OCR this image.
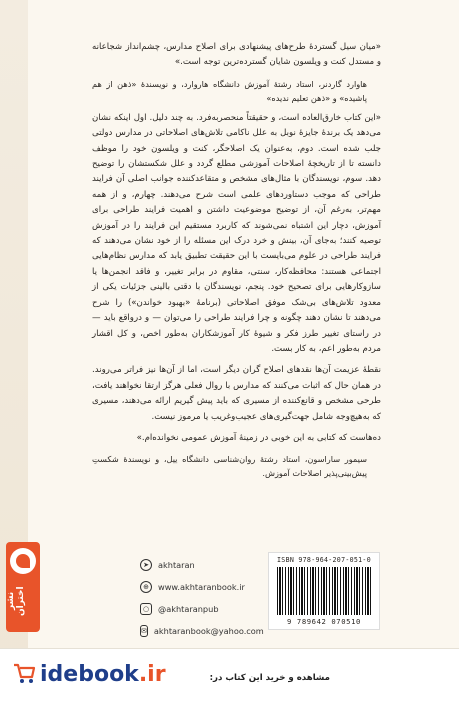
«میان سیل گستردهٔ طرح‌های پیشنهادی برای اصلاح مدارس، چشم‌انداز شجاعانه و مستدل کنت و ویلسون شایان گسترده‌ترین توجه است.»

هاوارد گاردنر، استاد رشتهٔ آموزش دانشگاه هاروارد، و نویسندهٔ «ذهن از هم پاشیده» و «ذهن تعلیم ندیده»

«این کتاب خارق‌العاده است، و حقیقتاً منحصربه‌فرد. به چند دلیل. اول اینکه نشان می‌دهد یک برندهٔ جایزهٔ نوبل به علل ناکامی تلاش‌های اصلاحاتی در مدارس دولتی جلب شده است. دوم، به‌عنوان یک اصلاحگر، کنت و ویلسون خود را موظف دانسته تا از تاریخچهٔ اصلاحات آموزشی مطلع گردد و علل شکستشان را توضیح دهد. سوم، نویسندگان با مثال‌های مشخص و متقاعدکننده جوانب اصلی آن فرایند طراحی که موجب دستاوردهای علمی است شرح می‌دهند. چهارم، و از همه مهم‌تر، به‌رغم آن، از توضیح موضوعیت داشتن و اهمیت فرایند طراحی برای آموزش، دچار این اشتباه نمی‌شوند که کاربرد مستقیم این فرایند را در آموزش توصیه کنند؛ به‌جای آن، بینش و خرد درک این مسئله را از خود نشان می‌دهند که فرایند طراحی در علوم می‌بایست با این حقیقت تطبیق یابد که مدارس نظام‌هایی اجتماعی هستند: محافظه‌کار، سنتی، مقاوم در برابر تغییر، و فاقد انجمن‌ها یا سازوکارهایی برای تصحیح خود. پنجم، نویسندگان با دقتی بالینی جزئیات یکی از معدود تلاش‌های بی‌شک موفق اصلاحاتی (برنامهٔ «بهبود خواندن») را شرح می‌دهند تا نشان دهند چگونه و چرا فرایند طراحی را می‌توان — و درواقع باید — در راستای تغییر طرز فکر و شیوهٔ کار آموزشکاران به‌طور اخص، و کل اقشار مردم به‌طور اعم، به کار بست.

نقطهٔ عزیمت آن‌ها نقدهای اصلاح گران دیگر است، اما از آن‌ها نیز فراتر می‌روند. در همان حال که اثبات می‌کنند که مدارس با روال فعلی هرگز ارتقا نخواهند یافت، طرحی مشخص و قانع‌کننده از مسیری که باید پیش گیریم ارائه می‌دهند، مسیری که به‌هیچ‌وجه شامل جهت‌گیری‌های عجیب‌وغریب یا مرموز نیست.

ده‌ها‌ست که کتابی به این خوبی در زمینهٔ آموزش عمومی نخوانده‌ام.»

سیمور ساراسون، استاد رشتهٔ روان‌شناسی دانشگاه ییل، و نویسندهٔ شکستِ پیش‌بینی‌پذیر اصلاحات آموزش.

نشر اختران
➤	akhtaran
⊕	www.akhtaranbook.ir
○	@akhtaranpub
✉ akhtaranbook@yahoo.com
ISBN 978-964-207-051-0
9 789642 070510
idebook .ir	مشاهده و خرید این کتاب در:
